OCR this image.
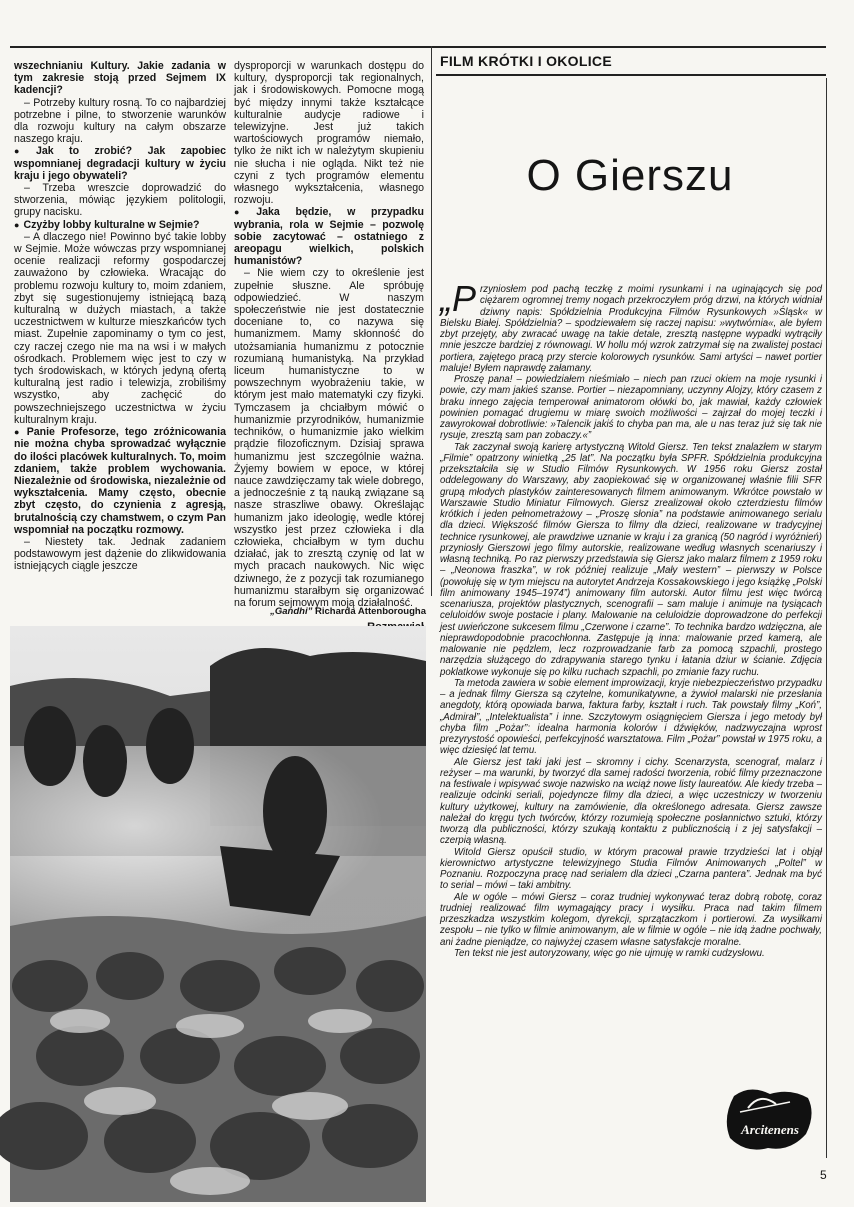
wszechnianiu Kultury. Jakie zadania w tym zakresie stoją przed Sejmem IX kadencji?

– Potrzeby kultury rosną. To co najbardziej potrzebne i pilne, to stworzenie warunków dla rozwoju kultury na całym obszarze naszego kraju.

● Jak to zrobić? Jak zapobiec wspomnianej degradacji kultury w życiu kraju i jego obywateli?

– Trzeba wreszcie doprowadzić do stworzenia, mówiąc językiem politologii, grupy nacisku.

● Czyżby lobby kulturalne w Sejmie?

– A dlaczego nie! Powinno być takie lobby w Sejmie. Może wówczas przy wspomnianej ocenie realizacji reformy gospodarczej zauważono by człowieka. Wracając do problemu rozwoju kultury to, moim zdaniem, zbyt się sugestionujemy istniejącą bazą kulturalną w dużych miastach, a także uczestnictwem w kulturze mieszkańców tych miast. Zupełnie zapominamy o tym co jest, czy raczej czego nie ma na wsi i w małych ośrodkach. Problemem więc jest to czy w tych środowiskach, w których jedyną ofertą kulturalną jest radio i telewizja, zrobiliśmy wszystko, aby zachęcić do powszechniejszego uczestnictwa w życiu kulturalnym kraju.

● Panie Profesorze, tego zróżnicowania nie można chyba sprowadzać wyłącznie do ilości placówek kulturalnych. To, moim zdaniem, także problem wychowania. Niezależnie od środowiska, niezależnie od wykształcenia. Mamy często, obecnie zbyt często, do czynienia z agresją, brutalnością czy chamstwem, o czym Pan wspomniał na początku rozmowy.

– Niestety tak. Jednak zadaniem podstawowym jest dążenie do zlikwidowania istniejących ciągle jeszcze

dysproporcji w warunkach dostępu do kultury, dysproporcji tak regionalnych, jak i środowiskowych. Pomocne mogą być między innymi także kształcące kulturalnie audycje radiowe i telewizyjne. Jest już takich wartościowych programów niemało, tylko że nikt ich w należytym skupieniu nie słucha i nie ogląda. Nikt też nie czyni z tych programów elementu własnego wykształcenia, własnego rozwoju.

● Jaka będzie, w przypadku wybrania, rola w Sejmie – pozwolę sobie zacytować – ostatniego z areopagu wielkich, polskich humanistów?

– Nie wiem czy to określenie jest zupełnie słuszne. Ale spróbuję odpowiedzieć. W naszym społeczeństwie nie jest dostatecznie doceniane to, co nazywa się humanizmem. Mamy skłonność do utożsamiania humanizmu z potocznie rozumianą humanistyką. Na przykład liceum humanistyczne to w powszechnym wyobrażeniu takie, w którym jest mało matematyki czy fizyki. Tymczasem ja chciałbym mówić o humanizmie przyrodników, humanizmie techników, o humanizmie jako wielkim prądzie filozoficznym. Dzisiaj sprawa humanizmu jest szczególnie ważna. Żyjemy bowiem w epoce, w której nauce zawdzięczamy tak wiele dobrego, a jednocześnie z tą nauką związane są nasze straszliwe obawy. Określając humanizm jako ideologię, wedle której wszystko jest przez człowieka i dla człowieka, chciałbym w tym duchu działać, jak to zresztą czynię od lat w mych pracach naukowych. Nic więc dziwnego, że z pozycji tak rozumianego humanizmu starałbym się organizować na forum sejmowym moją działalność.

„Gandhi” Richarda Attenborougha
FILM KRÓTKI I OKOLICE
O Gierszu

„Przyniosłem pod pachą teczkę z moimi rysunkami i na uginających się pod ciężarem ogromnej tremy nogach przekroczyłem próg drzwi, na których widniał dziwny napis: Spółdzielnia Produkcyjna Filmów Rysunkowych »Śląsk« w Bielsku Białej. Spółdzielnia? – spodziewałem się raczej napisu: »wytwórnia«, ale byłem zbyt przejęty, aby zwracać uwagę na takie detale, zresztą następne wypadki wytrąciły mnie jeszcze bardziej z równowagi. W hollu mój wzrok zatrzymał się na zwalistej postaci portiera, zajętego pracą przy stercie kolorowych rysunków. Sami artyści – nawet portier maluje! Byłem naprawdę załamany.

Proszę pana! – powiedziałem nieśmiało – niech pan rzuci okiem na moje rysunki i powie, czy mam jakieś szanse. Portier – niezapomniany, uczynny Alojzy, który czasem z braku innego zajęcia temperował animatorom ołówki bo, jak mawiał, każdy człowiek powinien pomagać drugiemu w miarę swoich możliwości – zajrzał do mojej teczki i zawyrokował dobrotliwie: »Talencik jakiś to chyba pan ma, ale u nas teraz już się tak nie rysuje, zresztą sam pan zobaczy.«”

Tak zaczynał swoją karierę artystyczną Witold Giersz. Ten tekst znalazłem w starym „Filmie” opatrzony winietką „25 lat”. Na początku była SPFR. Spółdzielnia produkcyjna przekształciła się w Studio Filmów Rysunkowych. W 1956 roku Giersz został oddelegowany do Warszawy, aby zaopiekować się w organizowanej właśnie filii SFR grupą młodych plastyków zainteresowanych filmem animowanym. Wkrótce powstało w Warszawie Studio Miniatur Filmowych. Giersz zrealizował około czterdziestu filmów krótkich i jeden pełnometrażowy – „Proszę słonia” na podstawie animowanego serialu dla dzieci. Większość filmów Giersza to filmy dla dzieci, realizowane w tradycyjnej technice rysunkowej, ale prawdziwe uznanie w kraju i za granicą (50 nagród i wyróżnień) przyniosły Gierszowi jego filmy autorskie, realizowane według własnych scenariuszy i własną techniką. Po raz pierwszy przedstawia się Giersz jako malarz filmem z 1959 roku – „Neonowa fraszka”, w rok później realizuje „Mały western” – pierwszy w Polsce (powołuję się w tym miejscu na autorytet Andrzeja Kossakowskiego i jego książkę „Polski film animowany 1945–1974”) animowany film autorski. Autor filmu jest więc twórcą scenariusza, projektów plastycznych, scenografii – sam maluje i animuje na tysiącach celuloidów swoje postacie i plany. Malowanie na celuloidzie doprowadzone do perfekcji jest uwieńczone sukcesem filmu „Czerwone i czarne”. To technika bardzo wdzięczna, ale nieprawdopodobnie pracochłonna. Zastępuje ją inna: malowanie przed kamerą, ale malowanie nie pędzlem, lecz rozprowadzanie farb za pomocą szpachli, prostego narzędzia służącego do zdrapywania starego tynku i łatania dziur w ścianie. Zdjęcia poklatkowe wykonuje się po kilku ruchach szpachli, po zmianie fazy ruchu.

Ta metoda zawiera w sobie element improwizacji, kryje niebezpieczeństwo przypadku – a jednak filmy Giersza są czytelne, komunikatywne, a żywioł malarski nie przesłania anegdoty, którą opowiada barwa, faktura farby, kształt i ruch. Tak powstały filmy „Koń”, „Admirał”, „Intelektualista” i inne. Szczytowym osiągnięciem Giersza i jego metody był chyba film „Pożar”: idealna harmonia kolorów i dźwięków, nadzwyczajna wprost prezyrystość opowieści, perfekcyjność warsztatowa. Film „Pożar” powstał w 1975 roku, a więc dziesięć lat temu.

Ale Giersz jest taki jaki jest – skromny i cichy. Scenarzysta, scenograf, malarz i reżyser – ma warunki, by tworzyć dla samej radości tworzenia, robić filmy przeznaczone na festiwale i wpisywać swoje nazwisko na wciąż nowe listy laureatów. Ale kiedy trzeba – realizuje odcinki seriali, pojedyncze filmy dla dzieci, a więc uczestniczy w tworzeniu kultury użytkowej, kultury na zamówienie, dla określonego adresata. Giersz zawsze należał do kręgu tych twórców, którzy rozumieją społeczne posłannictwo sztuki, którzy tworzą dla publiczności, którzy szukają kontaktu z publicznością i z jej satysfakcji – czerpią własną.

Witold Giersz opuścił studio, w którym pracował prawie trzydzieści lat i objął kierownictwo artystyczne telewizyjnego Studia Filmów Animowanych „Poltel” w Poznaniu. Rozpoczyna pracę nad serialem dla dzieci „Czarna pantera”. Jednak ma być to serial – mówi – taki ambitny.

Ale w ogóle – mówi Giersz – coraz trudniej wykonywać teraz dobrą robotę, coraz trudniej realizować film wymagający pracy i wysiłku. Praca nad takim filmem przeszkadza wszystkim kolegom, dyrekcji, sprzątaczkom i portierowi. Za wysiłkami zespołu – nie tylko w filmie animowanym, ale w filmie w ogóle – nie idą żadne pochwały, ani żadne pieniądze, co najwyżej czasem własne satysfakcje moralne.

Ten tekst nie jest autoryzowany, więc go nie ujmuję w ramki cudzysłowu.

Arcitenens
5
